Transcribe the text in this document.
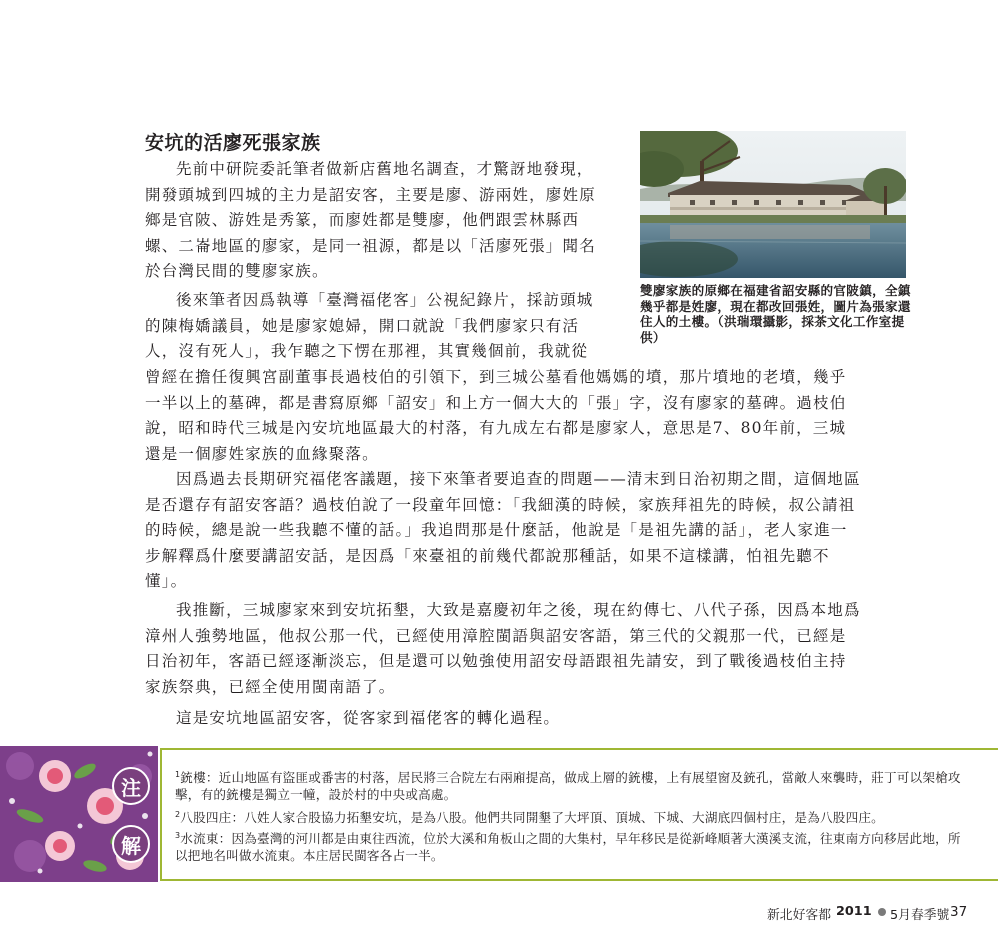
安坑的活廖死張家族

先前中研院委託筆者做新店舊地名調查，才驚訝地發現，開發頭城到四城的主力是詔安客，主要是廖、游兩姓，廖姓原鄉是官陂、游姓是秀篆，而廖姓都是雙廖，他們跟雲林縣西螺、二崙地區的廖家，是同一祖源，都是以「活廖死張」聞名於台灣民間的雙廖家族。

後來筆者因爲執導「臺灣福佬客」公視紀錄片，採訪頭城的陳梅嬌議員，她是廖家媳婦，開口就說「我們廖家只有活人，沒有死人」，我乍聽之下愣在那裡，其實幾個前，我就從

曾經在擔任復興宮副董事長過枝伯的引領下，到三城公墓看他媽媽的墳，那片墳地的老墳，幾乎一半以上的墓碑，都是書寫原鄉「詔安」和上方一個大大的「張」字，沒有廖家的墓碑。過枝伯說，昭和時代三城是內安坑地區最大的村落，有九成左右都是廖家人，意思是7、80年前，三城還是一個廖姓家族的血緣聚落。

因爲過去長期研究福佬客議題，接下來筆者要追查的問題——清末到日治初期之間，這個地區是否還存有詔安客語？過枝伯說了一段童年回憶：「我細漢的時候，家族拜祖先的時候，叔公請祖的時候，總是說一些我聽不懂的話。」我追問那是什麼話，他說是「是祖先講的話」，老人家進一步解釋爲什麼要講詔安話，是因爲「來臺祖的前幾代都說那種話，如果不這樣講，怕祖先聽不懂」。

我推斷，三城廖家來到安坑拓墾，大致是嘉慶初年之後，現在約傳七、八代子孫，因爲本地爲漳州人強勢地區，他叔公那一代，已經使用漳腔閩語與詔安客語，第三代的父親那一代，已經是日治初年，客語已經逐漸淡忘，但是還可以勉強使用詔安母語跟祖先請安，到了戰後過枝伯主持家族祭典，已經全使用閩南語了。

這是安坑地區詔安客，從客家到福佬客的轉化過程。

雙廖家族的原鄉在福建省詔安縣的官陂鎮，全鎮幾乎都是姓廖，現在都改回張姓，圖片為張家還住人的土樓。（洪瑞環攝影，採茶文化工作室提供）
注
解
$^1$銃樓：近山地區有盜匪或番害的村落，居民將三合院左右兩廂提高，做成上層的銃樓，上有展望窗及銃孔，當敵人來襲時，莊丁可以架槍攻擊，有的銃樓是獨立一幢，設於村的中央或高處。
$^2$八股四庄：八姓人家合股協力拓墾安坑，是為八股。他們共同開墾了大坪頂、頂城、下城、大湖底四個村庄，是為八股四庄。
$^3$水流東：因為臺灣的河川都是由東往西流，位於大溪和角板山之間的大集村，早年移民是從新峰順著大漢溪支流，往東南方向移居此地，所以把地名叫做水流東。本庄居民閩客各占一半。
新北好客都 2011 5月春季號 37
